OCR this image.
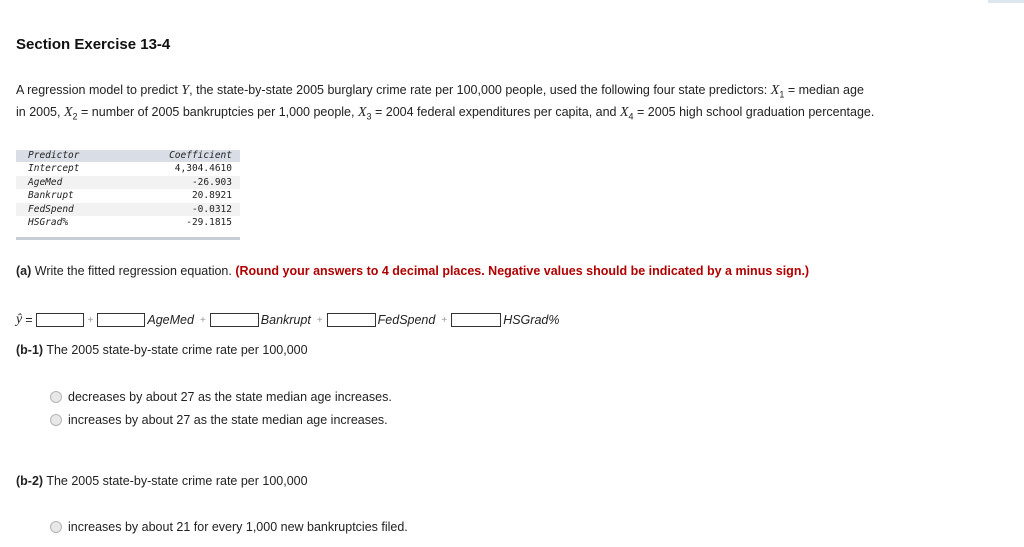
Section Exercise 13-4
A regression model to predict Y, the state-by-state 2005 burglary crime rate per 100,000 people, used the following four state predictors: $X_1$ = median age in 2005, $X_2$ = number of 2005 bankruptcies per 1,000 people, $X_3 = 2004$ federal expenditures per capita, and $X_4 = 2005$ high school graduation percentage.
Predictor	Coefficient
Intercept	4,304.4610
AgeMed	-26.903
Bankrupt	20.8921
FedSpend	-0.0312
HSGrad%	-29.1815
(a) Write the fitted regression equation. (Round your answers to 4 decimal places. Negative values should be indicated by a minus sign.)
ŷ =	+	AgeMed +	Bankrupt +	FedSpend +	HSGrad%
(b-1) The 2005 state-by-state crime rate per 100,000
decreases by about 27 as the state median age increases.
increases by about 27 as the state median age increases.
(b-2) The 2005 state-by-state crime rate per 100,000
increases by about 21 for every 1,000 new bankruptcies filed.
